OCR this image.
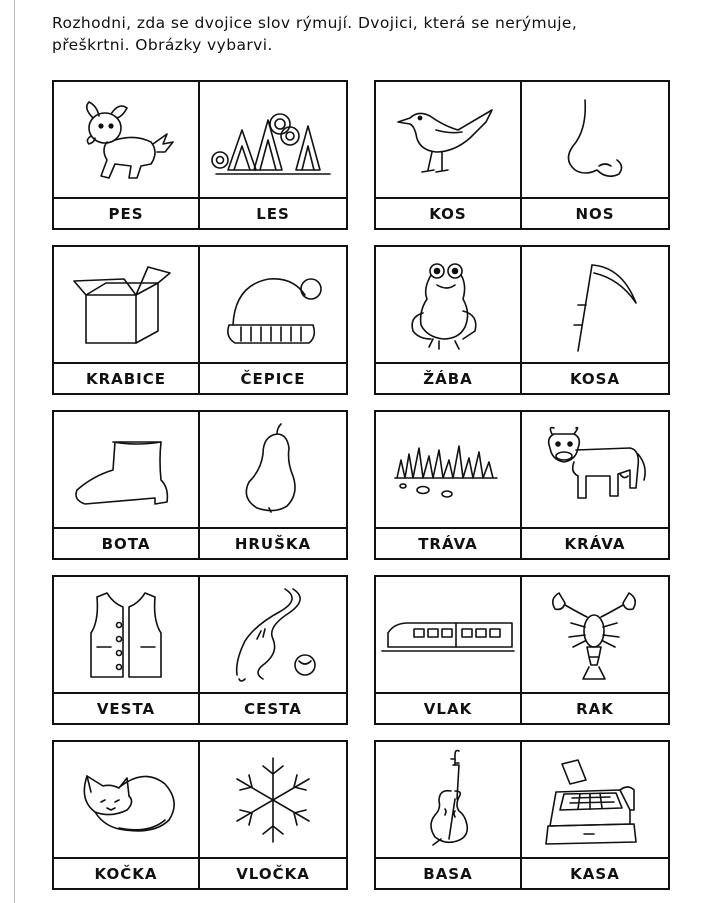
Rozhodni, zda se dvojice slov rýmují. Dvojici, která se nerýmuje,

přeškrtni. Obrázky vybarvi.

PES	LES	KOS	NOS
KRABICE	ČEPICE	ŽÁBA	KOSA
BOTA	HRUŠKA	TRÁVA	KRÁVA
VESTA	CESTA	VLAK	RAK
KOČKA	VLOČKA	BASA	KASA
